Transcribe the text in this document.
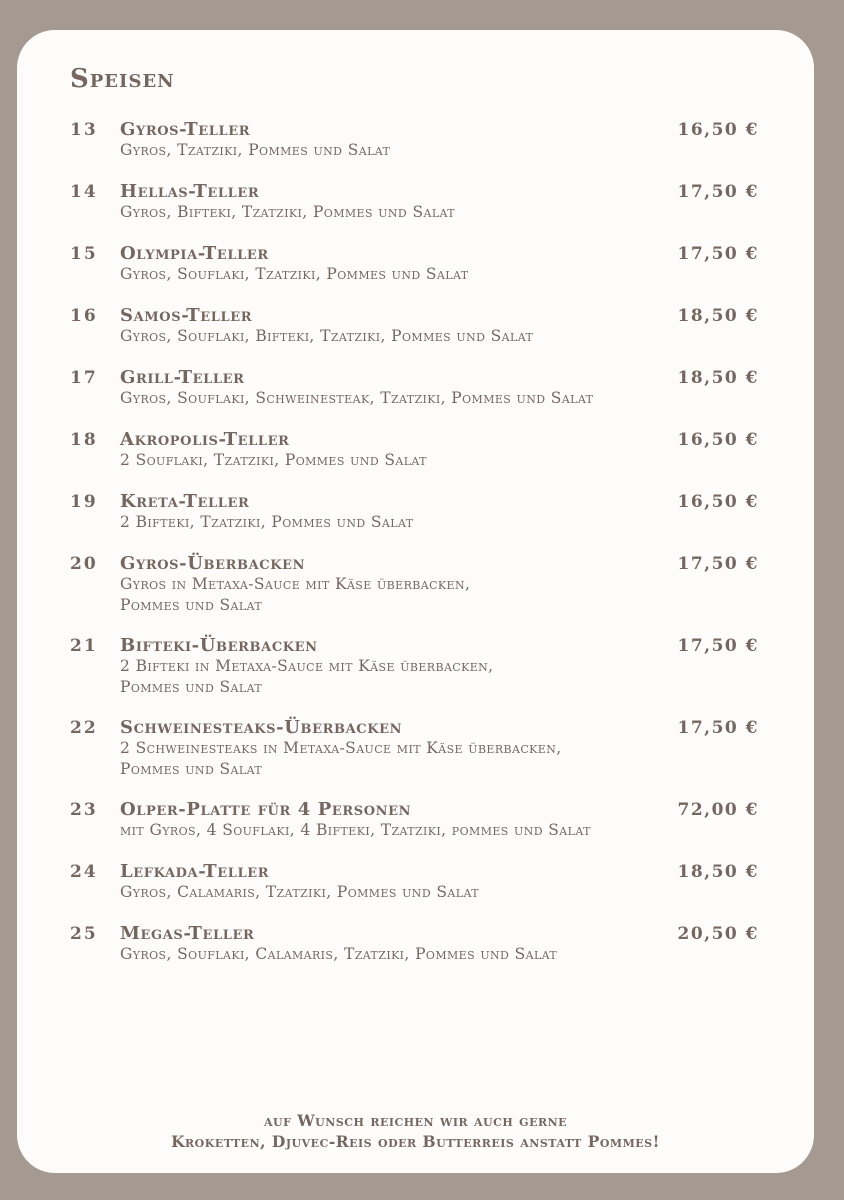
Speisen
13 Gyros-Teller	16,50 €
Gyros, Tzatziki, Pommes und Salat
14 Hellas-Teller	17,50 €
Gyros, Bifteki, Tzatziki, Pommes und Salat
15 Olympia-Teller	17,50 €
Gyros, Souflaki, Tzatziki, Pommes und Salat
16 Samos-Teller	18,50 €
Gyros, Souflaki, Bifteki, Tzatziki, Pommes und Salat
17 Grill-Teller	18,50 €
Gyros, Souflaki, Schweinesteak, Tzatziki, Pommes und Salat
18 Akropolis-Teller	16,50 €
2 Souflaki, Tzatziki, Pommes und Salat
19 Kreta-Teller	16,50 €
2 Bifteki, Tzatziki, Pommes und Salat
20 Gyros-Überbacken	17,50 €
Gyros in Metaxa-Sauce mit Käse überbacken,
Pommes und Salat
21 Bifteki-Überbacken	17,50 €
2 Bifteki in Metaxa-Sauce mit Käse überbacken,
Pommes und Salat
22 Schweinesteaks-Überbacken	17,50 €
2 Schweinesteaks in Metaxa-Sauce mit Käse überbacken,
Pommes und Salat
23 Olper-Platte für 4 Personen	72,00 €
mit Gyros, 4 Souflaki, 4 Bifteki, Tzatziki, pommes und Salat
24 Lefkada-Teller	18,50 €
Gyros, Calamaris, Tzatziki, Pommes und Salat
25 Megas-Teller	20,50 €
Gyros, Souflaki, Calamaris, Tzatziki, Pommes und Salat
auf Wunsch reichen wir auch gerne
Kroketten, Djuvec-Reis oder Butterreis anstatt Pommes!
